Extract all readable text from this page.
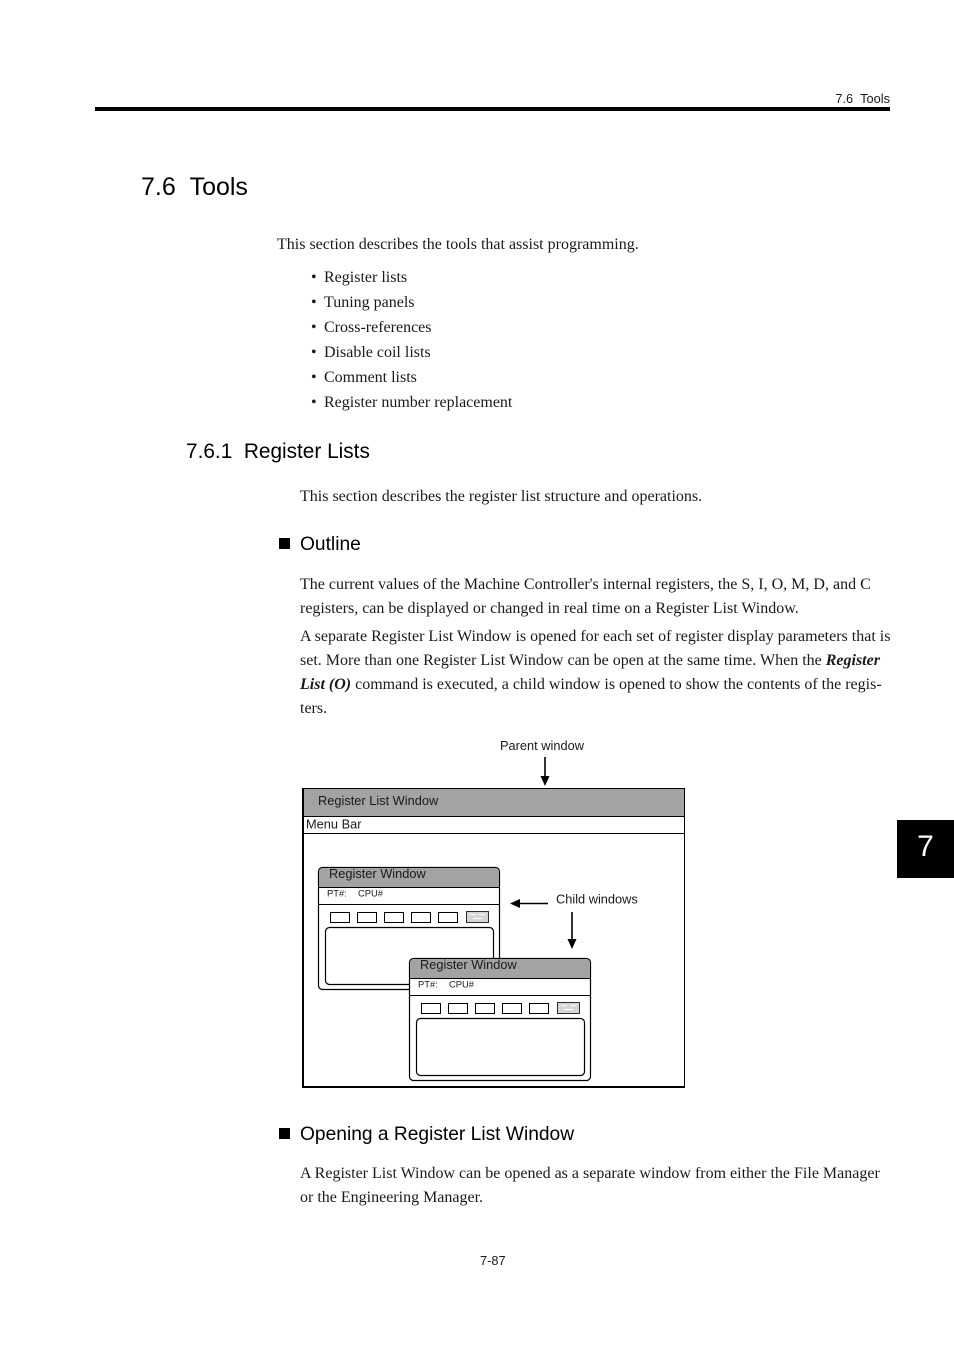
7.6 Tools
7.6 Tools

This section describes the tools that assist programming.

• Register lists
• Tuning panels
• Cross-references
• Disable coil lists
• Comment lists
• Register number replacement
7.6.1 Register Lists

This section describes the register list structure and operations.

Outline
The current values of the Machine Controller's internal registers, the S, I, O, M, D, and C
registers, can be displayed or changed in real time on a Register List Window.
A separate Register List Window is opened for each set of register display parameters that is
set. More than one Register List Window can be open at the same time. When the Register
List (O) command is executed, a child window is opened to show the contents of the regis-
ters.
Parent window
Register List Window
Menu Bar
Register Window
PT#: CPU#
Register Window
PT#: CPU#
Child windows
Opening a Register List Window
A Register List Window can be opened as a separate window from either the File Manager
or the Engineering Manager.
7-87
7
